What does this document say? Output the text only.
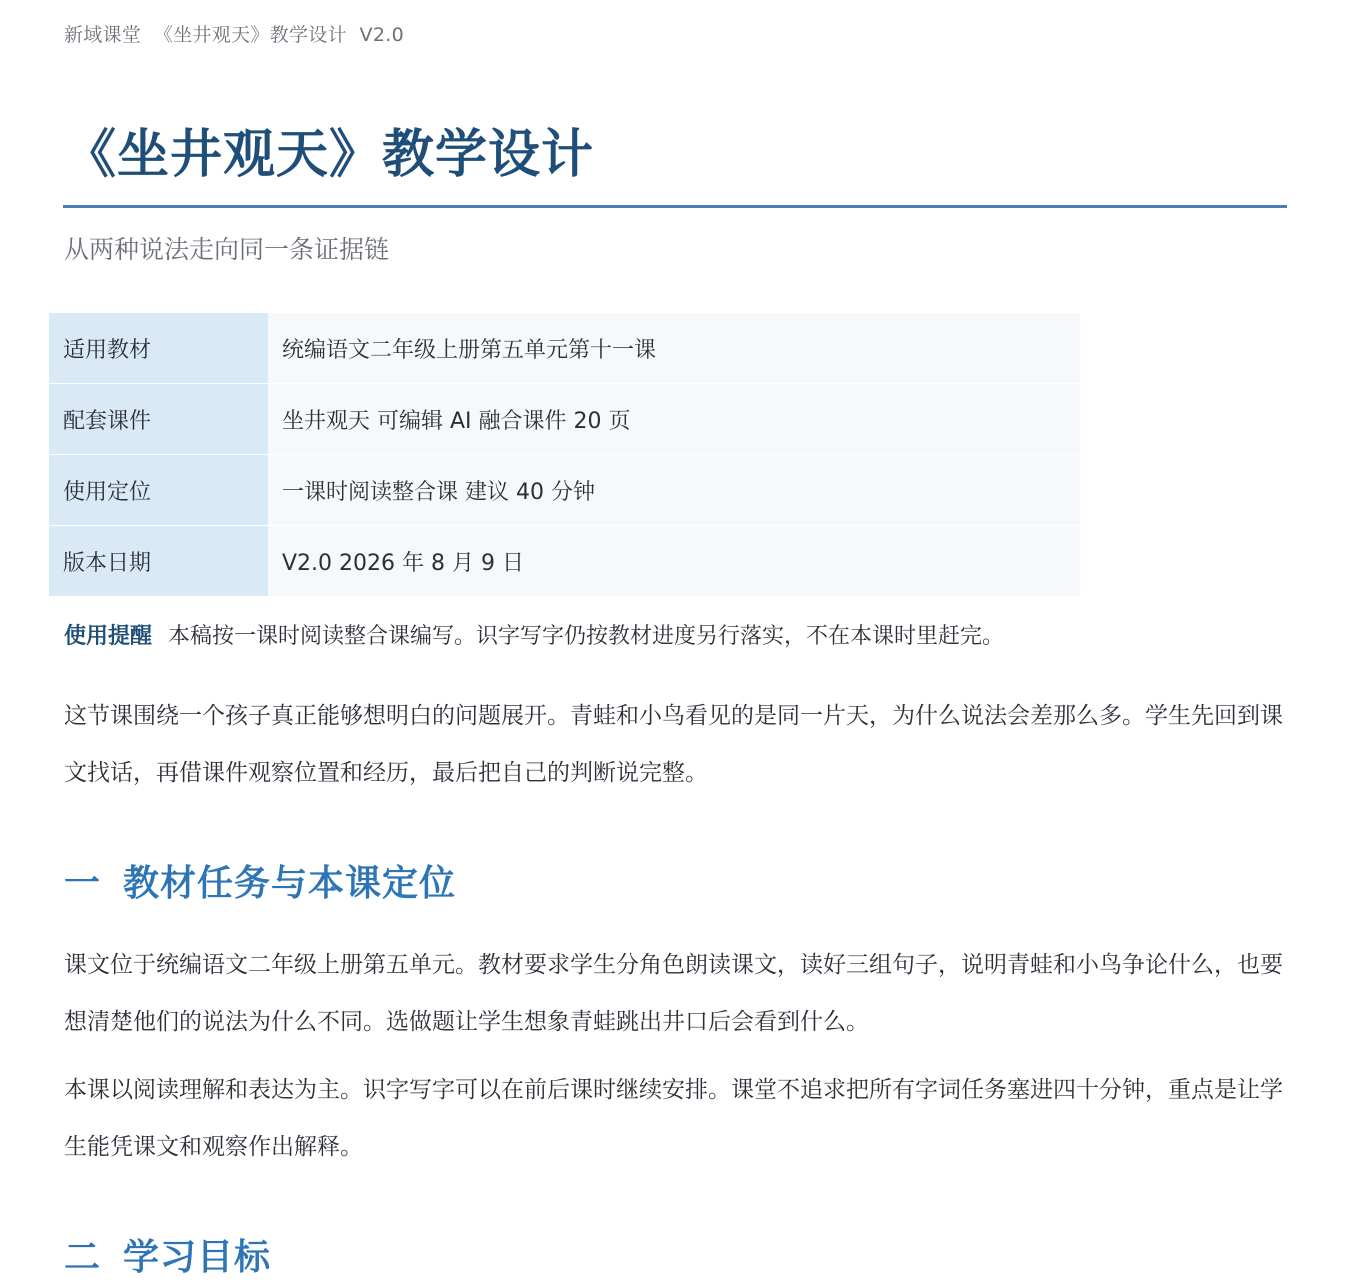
新域课堂  《坐井观天》教学设计  V2.0
《坐井观天》教学设计
从两种说法走向同一条证据链
适用教材	统编语文二年级上册第五单元第十一课
配套课件	坐井观天 可编辑 AI 融合课件 20 页
使用定位	一课时阅读整合课 建议 40 分钟
版本日期	V2.0 2026 年 8 月 9 日
使用提醒 本稿按一课时阅读整合课编写。识字写字仍按教材进度另行落实，不在本课时里赶完。

这节课围绕一个孩子真正能够想明白的问题展开。青蛙和小鸟看见的是同一片天，为什么说法会差那么多。学生先回到课文找话，再借课件观察位置和经历，最后把自己的判断说完整。

一 教材任务与本课定位

课文位于统编语文二年级上册第五单元。教材要求学生分角色朗读课文，读好三组句子，说明青蛙和小鸟争论什么，也要想清楚他们的说法为什么不同。选做题让学生想象青蛙跳出井口后会看到什么。

本课以阅读理解和表达为主。识字写字可以在前后课时继续安排。课堂不追求把所有字词任务塞进四十分钟，重点是让学生能凭课文和观察作出解释。

二 学习目标
